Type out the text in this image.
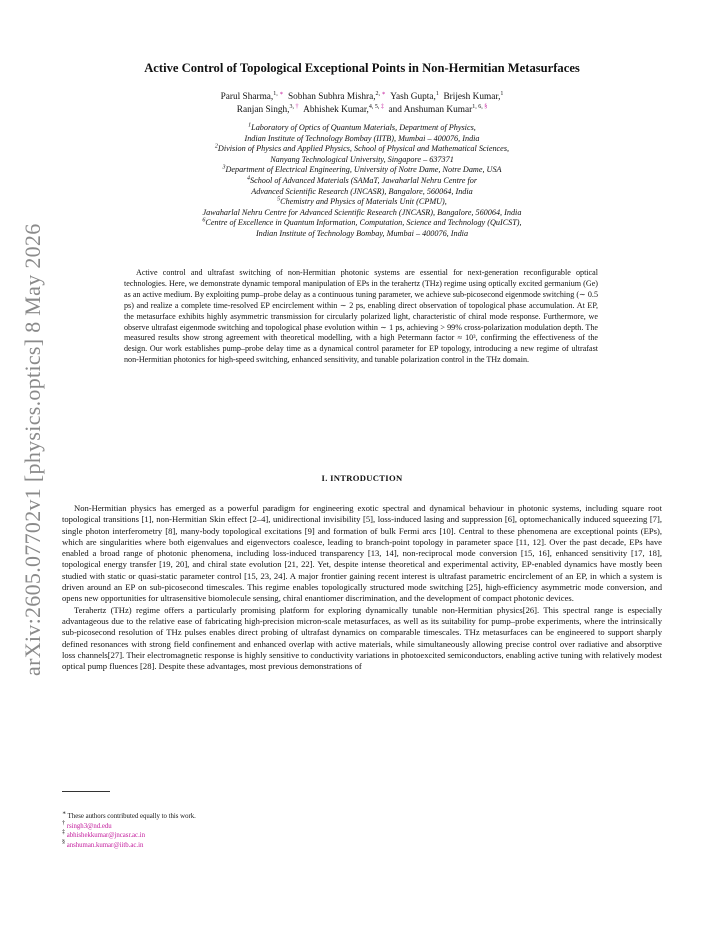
arXiv:2605.07702v1 [physics.optics] 8 May 2026
Active Control of Topological Exceptional Points in Non-Hermitian Metasurfaces
Parul Sharma,$^{1, ∗}$  Sobhan Subhra Mishra,$^{2, ∗}$  Yash Gupta,$^1$  Brijesh Kumar,$^1$
Ranjan Singh,$^{3, \dagger}$  Abhishek Kumar,$^{4, 5, \ddagger}$  and Anshuman Kumar$^{1, 6, \S}$
$^1$Laboratory of Optics of Quantum Materials, Department of Physics,
Indian Institute of Technology Bombay (IITB), Mumbai – 400076, India
$^2$Division of Physics and Applied Physics, School of Physical and Mathematical Sciences,
Nanyang Technological University, Singapore – 637371
$^3$Department of Electrical Engineering, University of Notre Dame, Notre Dame, USA
$^4$School of Advanced Materials (SAMaT, Jawaharlal Nehru Centre for
Advanced Scientific Research (JNCASR), Bangalore, 560064, India
$^5$Chemistry and Physics of Materials Unit (CPMU),
Jawaharlal Nehru Centre for Advanced Scientific Research (JNCASR), Bangalore, 560064, India
$^6$Centre of Excellence in Quantum Information, Computation, Science and Technology (QuICST),
Indian Institute of Technology Bombay, Mumbai – 400076, India
Active control and ultrafast switching of non-Hermitian photonic systems are essential for next-generation reconfigurable optical technologies. Here, we demonstrate dynamic temporal manipulation of EPs in the terahertz (THz) regime using optically excited germanium (Ge) as an active medium. By exploiting pump–probe delay as a continuous tuning parameter, we achieve sub-picosecond eigenmode switching (∼ 0.5 ps) and realize a complete time-resolved EP encirclement within ∼ 2 ps, enabling direct observation of topological phase accumulation. At EP, the metasurface exhibits highly asymmetric transmission for circularly polarized light, characteristic of chiral mode response. Furthermore, we observe ultrafast eigenmode switching and topological phase evolution within ∼ 1 ps, achieving > 99% cross-polarization modulation depth. The measured results show strong agreement with theoretical modelling, with a high Petermann factor ≈ 10³, confirming the effectiveness of the design. Our work establishes pump–probe delay time as a dynamical control parameter for EP topology, introducing a new regime of ultrafast non-Hermitian photonics for high-speed switching, enhanced sensitivity, and tunable polarization control in the THz domain.
I. INTRODUCTION

Non-Hermitian physics has emerged as a powerful paradigm for engineering exotic spectral and dynamical behaviour in photonic systems, including square root topological transitions [1], non-Hermitian Skin effect [2–4], unidirectional invisibility [5], loss-induced lasing and suppression [6], optomechanically induced squeezing [7], single photon interferometry [8], many-body topological excitations [9] and formation of bulk Fermi arcs [10]. Central to these phenomena are exceptional points (EPs), which are singularities where both eigenvalues and eigenvectors coalesce, leading to branch-point topology in parameter space [11, 12]. Over the past decade, EPs have enabled a broad range of photonic phenomena, including loss-induced transparency [13, 14], non-reciprocal mode conversion [15, 16], enhanced sensitivity [17, 18], topological energy transfer [19, 20], and chiral state evolution [21, 22]. Yet, despite intense theoretical and experimental activity, EP-enabled dynamics have mostly been studied with static or quasi-static parameter control [15, 23, 24]. A major frontier gaining recent interest is ultrafast parametric encirclement of an EP, in which a system is driven around an EP on sub-picosecond timescales. This regime enables topologically structured mode switching [25], high-efficiency asymmetric mode conversion, and opens new opportunities for ultrasensitive biomolecule sensing, chiral enantiomer discrimination, and the development of compact photonic devices.

Terahertz (THz) regime offers a particularly promising platform for exploring dynamically tunable non-Hermitian physics[26]. This spectral range is especially advantageous due to the relative ease of fabricating high-precision micron-scale metasurfaces, as well as its suitability for pump–probe experiments, where the intrinsically sub-picosecond resolution of THz pulses enables direct probing of ultrafast dynamics on comparable timescales. THz metasurfaces can be engineered to support sharply defined resonances with strong field confinement and enhanced overlap with active materials, while simultaneously allowing precise control over radiative and absorptive loss channels[27]. Their electromagnetic response is highly sensitive to conductivity variations in photoexcited semiconductors, enabling active tuning with relatively modest optical pump fluences [28]. Despite these advantages, most previous demonstrations of

∗ These authors contributed equally to this work.
† rsingh3@nd.edu
‡ abhishekkumar@jncasr.ac.in
§ anshuman.kumar@iitb.ac.in
